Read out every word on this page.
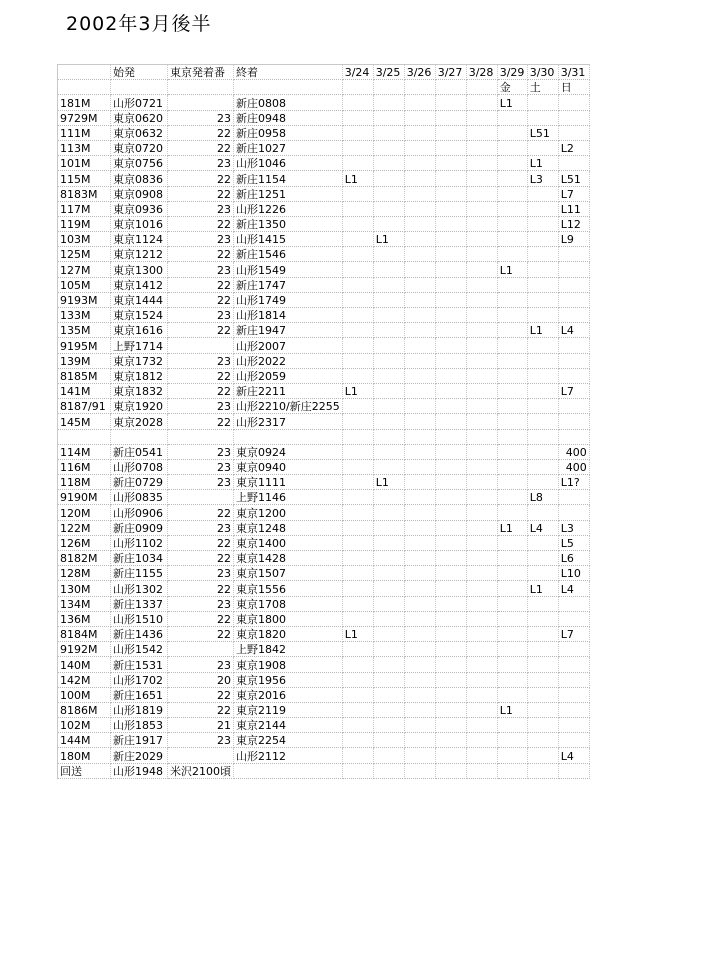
2002年3月後半
	始発	東京発着番	終着	3/24	3/25	3/26	3/27	3/28	3/29	3/30	3/31
									金	土	日
181M	山形0721		新庄0808						L1		
9729M	東京0620	23	新庄0948								
111M	東京0632	22	新庄0958							L51	
113M	東京0720	22	新庄1027								L2
101M	東京0756	23	山形1046							L1	
115M	東京0836	22	新庄1154	L1						L3	L51
8183M	東京0908	22	新庄1251								L7
117M	東京0936	23	山形1226								L11
119M	東京1016	22	新庄1350								L12
103M	東京1124	23	山形1415		L1						L9
125M	東京1212	22	新庄1546								
127M	東京1300	23	山形1549						L1		
105M	東京1412	22	新庄1747								
9193M	東京1444	22	山形1749								
133M	東京1524	23	山形1814								
135M	東京1616	22	新庄1947							L1	L4
9195M	上野1714		山形2007								
139M	東京1732	23	山形2022								
8185M	東京1812	22	山形2059								
141M	東京1832	22	新庄2211	L1							L7
8187/91	東京1920	23	山形2210/新庄2255								
145M	東京2028	22	山形2317								

114M	新庄0541	23	東京0924								400
116M	山形0708	23	東京0940								400
118M	新庄0729	23	東京1111		L1						L1?
9190M	山形0835		上野1146							L8	
120M	山形0906	22	東京1200								
122M	新庄0909	23	東京1248						L1	L4	L3
126M	山形1102	22	東京1400								L5
8182M	新庄1034	22	東京1428								L6
128M	新庄1155	23	東京1507								L10
130M	山形1302	22	東京1556							L1	L4
134M	新庄1337	23	東京1708								
136M	山形1510	22	東京1800								
8184M	新庄1436	22	東京1820	L1							L7
9192M	山形1542		上野1842								
140M	新庄1531	23	東京1908								
142M	山形1702	20	東京1956								
100M	新庄1651	22	東京2016								
8186M	山形1819	22	東京2119						L1		
102M	山形1853	21	東京2144								
144M	新庄1917	23	東京2254								
180M	新庄2029		山形2112								L4
回送	山形1948	米沢2100頃									
